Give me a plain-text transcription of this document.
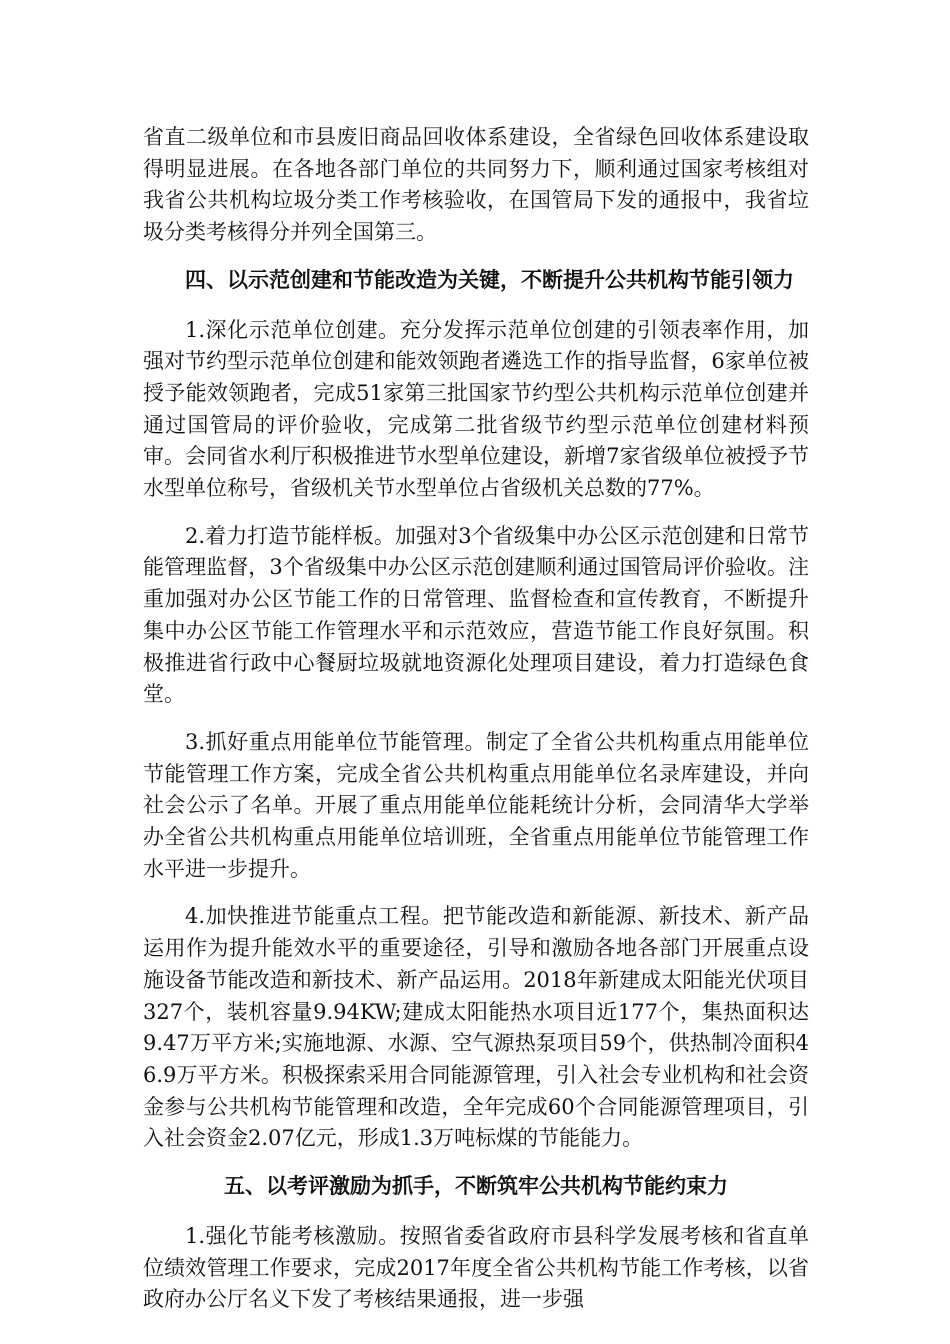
省直二级单位和市县废旧商品回收体系建设，全省绿色回收体系建设取得明显进展。在各地各部门单位的共同努力下，顺利通过国家考核组对我省公共机构垃圾分类工作考核验收，在国管局下发的通报中，我省垃圾分类考核得分并列全国第三。

四、以示范创建和节能改造为关键，不断提升公共机构节能引领力

1.深化示范单位创建。充分发挥示范单位创建的引领表率作用，加强对节约型示范单位创建和能效领跑者遴选工作的指导监督，6家单位被授予能效领跑者，完成51家第三批国家节约型公共机构示范单位创建并通过国管局的评价验收，完成第二批省级节约型示范单位创建材料预审。会同省水利厅积极推进节水型单位建设，新增7家省级单位被授予节水型单位称号，省级机关节水型单位占省级机关总数的77%。

2.着力打造节能样板。加强对3个省级集中办公区示范创建和日常节能管理监督，3个省级集中办公区示范创建顺利通过国管局评价验收。注重加强对办公区节能工作的日常管理、监督检查和宣传教育，不断提升集中办公区节能工作管理水平和示范效应，营造节能工作良好氛围。积极推进省行政中心餐厨垃圾就地资源化处理项目建设，着力打造绿色食堂。

3.抓好重点用能单位节能管理。制定了全省公共机构重点用能单位节能管理工作方案，完成全省公共机构重点用能单位名录库建设，并向社会公示了名单。开展了重点用能单位能耗统计分析，会同清华大学举办全省公共机构重点用能单位培训班，全省重点用能单位节能管理工作水平进一步提升。

4.加快推进节能重点工程。把节能改造和新能源、新技术、新产品运用作为提升能效水平的重要途径，引导和激励各地各部门开展重点设施设备节能改造和新技术、新产品运用。2018年新建成太阳能光伏项目327个，装机容量9.94KW;建成太阳能热水项目近177个，集热面积达9.47万平方米;实施地源、水源、空气源热泵项目59个，供热制冷面积46.9万平方米。积极探索采用合同能源管理，引入社会专业机构和社会资金参与公共机构节能管理和改造，全年完成60个合同能源管理项目，引入社会资金2.07亿元，形成1.3万吨标煤的节能能力。

五、以考评激励为抓手，不断筑牢公共机构节能约束力

1.强化节能考核激励。按照省委省政府市县科学发展考核和省直单位绩效管理工作要求，完成2017年度全省公共机构节能工作考核，以省政府办公厅名义下发了考核结果通报，进一步强
